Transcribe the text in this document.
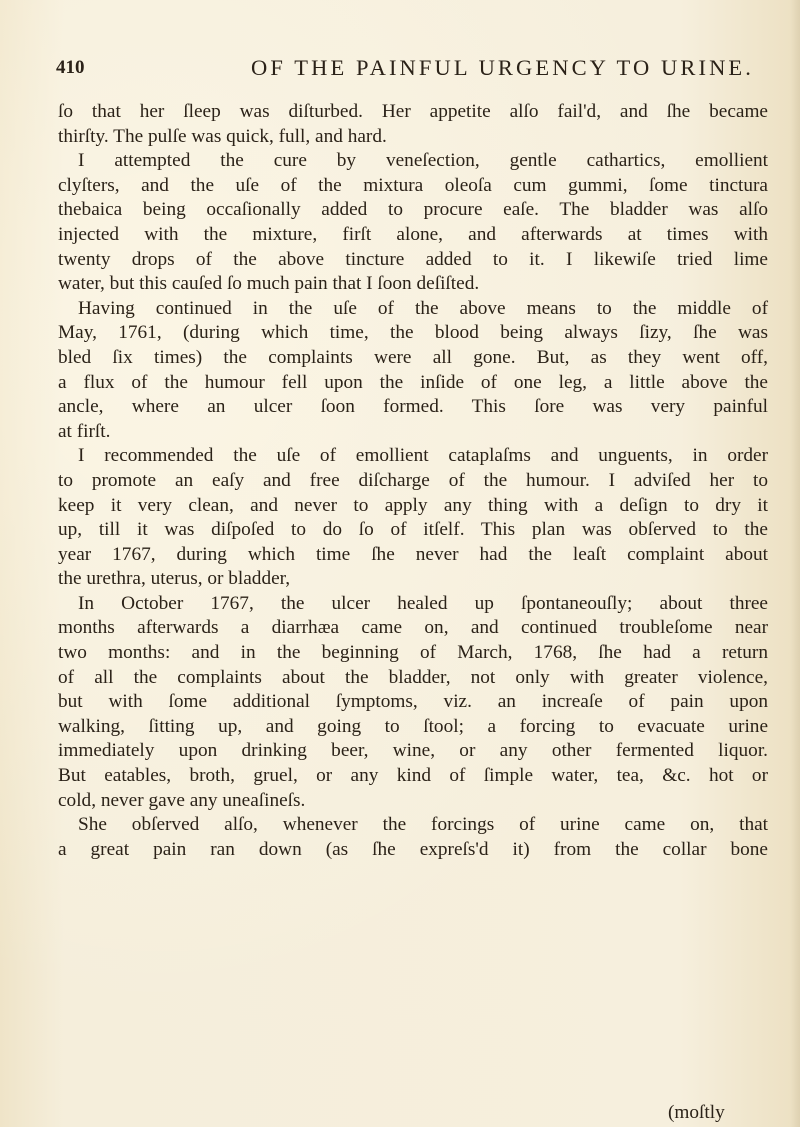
410	OF THE PAINFUL URGENCY TO URINE.
ſo that her ſleep was diſturbed. Her appetite alſo fail'd, and ſhe became
thirſty. The pulſe was quick, full, and hard.
I attempted the cure by veneſection, gentle cathartics, emollient
clyſters, and the uſe of the mixtura oleoſa cum gummi, ſome tinctura
thebaica being occaſionally added to procure eaſe. The bladder was alſo
injected with the mixture, firſt alone, and afterwards at times with
twenty drops of the above tincture added to it. I likewiſe tried lime
water, but this cauſed ſo much pain that I ſoon deſiſted.
Having continued in the uſe of the above means to the middle of
May, 1761, (during which time, the blood being always ſizy, ſhe was
bled ſix times) the complaints were all gone. But, as they went off,
a flux of the humour fell upon the inſide of one leg, a little above the
ancle, where an ulcer ſoon formed. This ſore was very painful
at firſt.
I recommended the uſe of emollient cataplaſms and unguents, in order
to promote an eaſy and free diſcharge of the humour. I adviſed her to
keep it very clean, and never to apply any thing with a deſign to dry it
up, till it was diſpoſed to do ſo of itſelf. This plan was obſerved to the
year 1767, during which time ſhe never had the leaſt complaint about
the urethra, uterus, or bladder,
In October 1767, the ulcer healed up ſpontaneouſly; about three
months afterwards a diarrhæa came on, and continued troubleſome near
two months: and in the beginning of March, 1768, ſhe had a return
of all the complaints about the bladder, not only with greater violence,
but with ſome additional ſymptoms, viz. an increaſe of pain upon
walking, ſitting up, and going to ſtool; a forcing to evacuate urine
immediately upon drinking beer, wine, or any other fermented liquor.
But eatables, broth, gruel, or any kind of ſimple water, tea, &c. hot or
cold, never gave any uneaſineſs.
She obſerved alſo, whenever the forcings of urine came on, that
a great pain ran down (as ſhe expreſs'd it) from the collar bone
(moſtly
